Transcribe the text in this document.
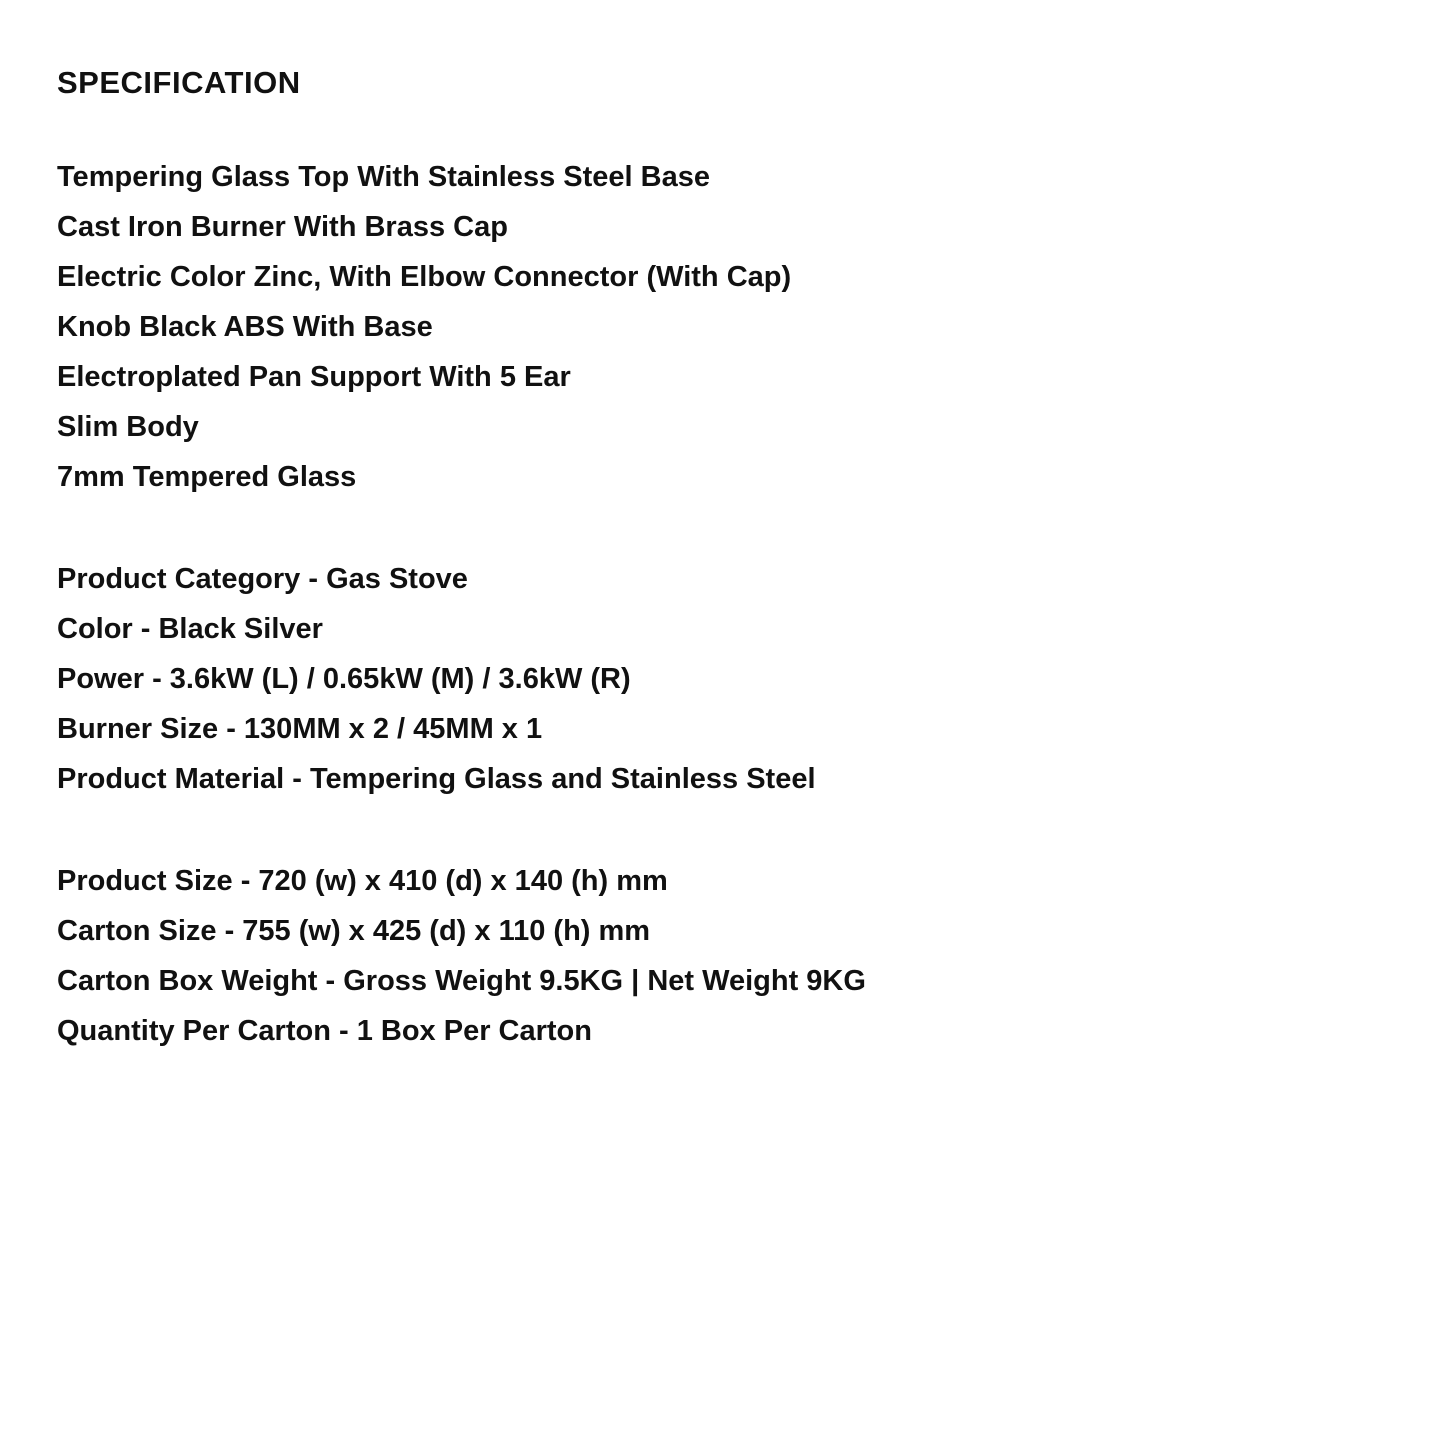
SPECIFICATION
Tempering Glass Top With Stainless Steel Base
Cast Iron Burner With Brass Cap
Electric Color Zinc, With Elbow Connector (With Cap)
Knob Black ABS With Base
Electroplated Pan Support With 5 Ear
Slim Body
7mm Tempered Glass
Product Category - Gas Stove
Color - Black Silver
Power - 3.6kW (L) / 0.65kW (M) / 3.6kW (R)
Burner Size - 130MM x 2 / 45MM x 1
Product Material - Tempering Glass and Stainless Steel
Product Size - 720 (w) x 410 (d) x 140 (h) mm
Carton Size - 755 (w) x 425 (d) x 110 (h) mm
Carton Box Weight - Gross Weight 9.5KG | Net Weight 9KG
Quantity Per Carton - 1 Box Per Carton
